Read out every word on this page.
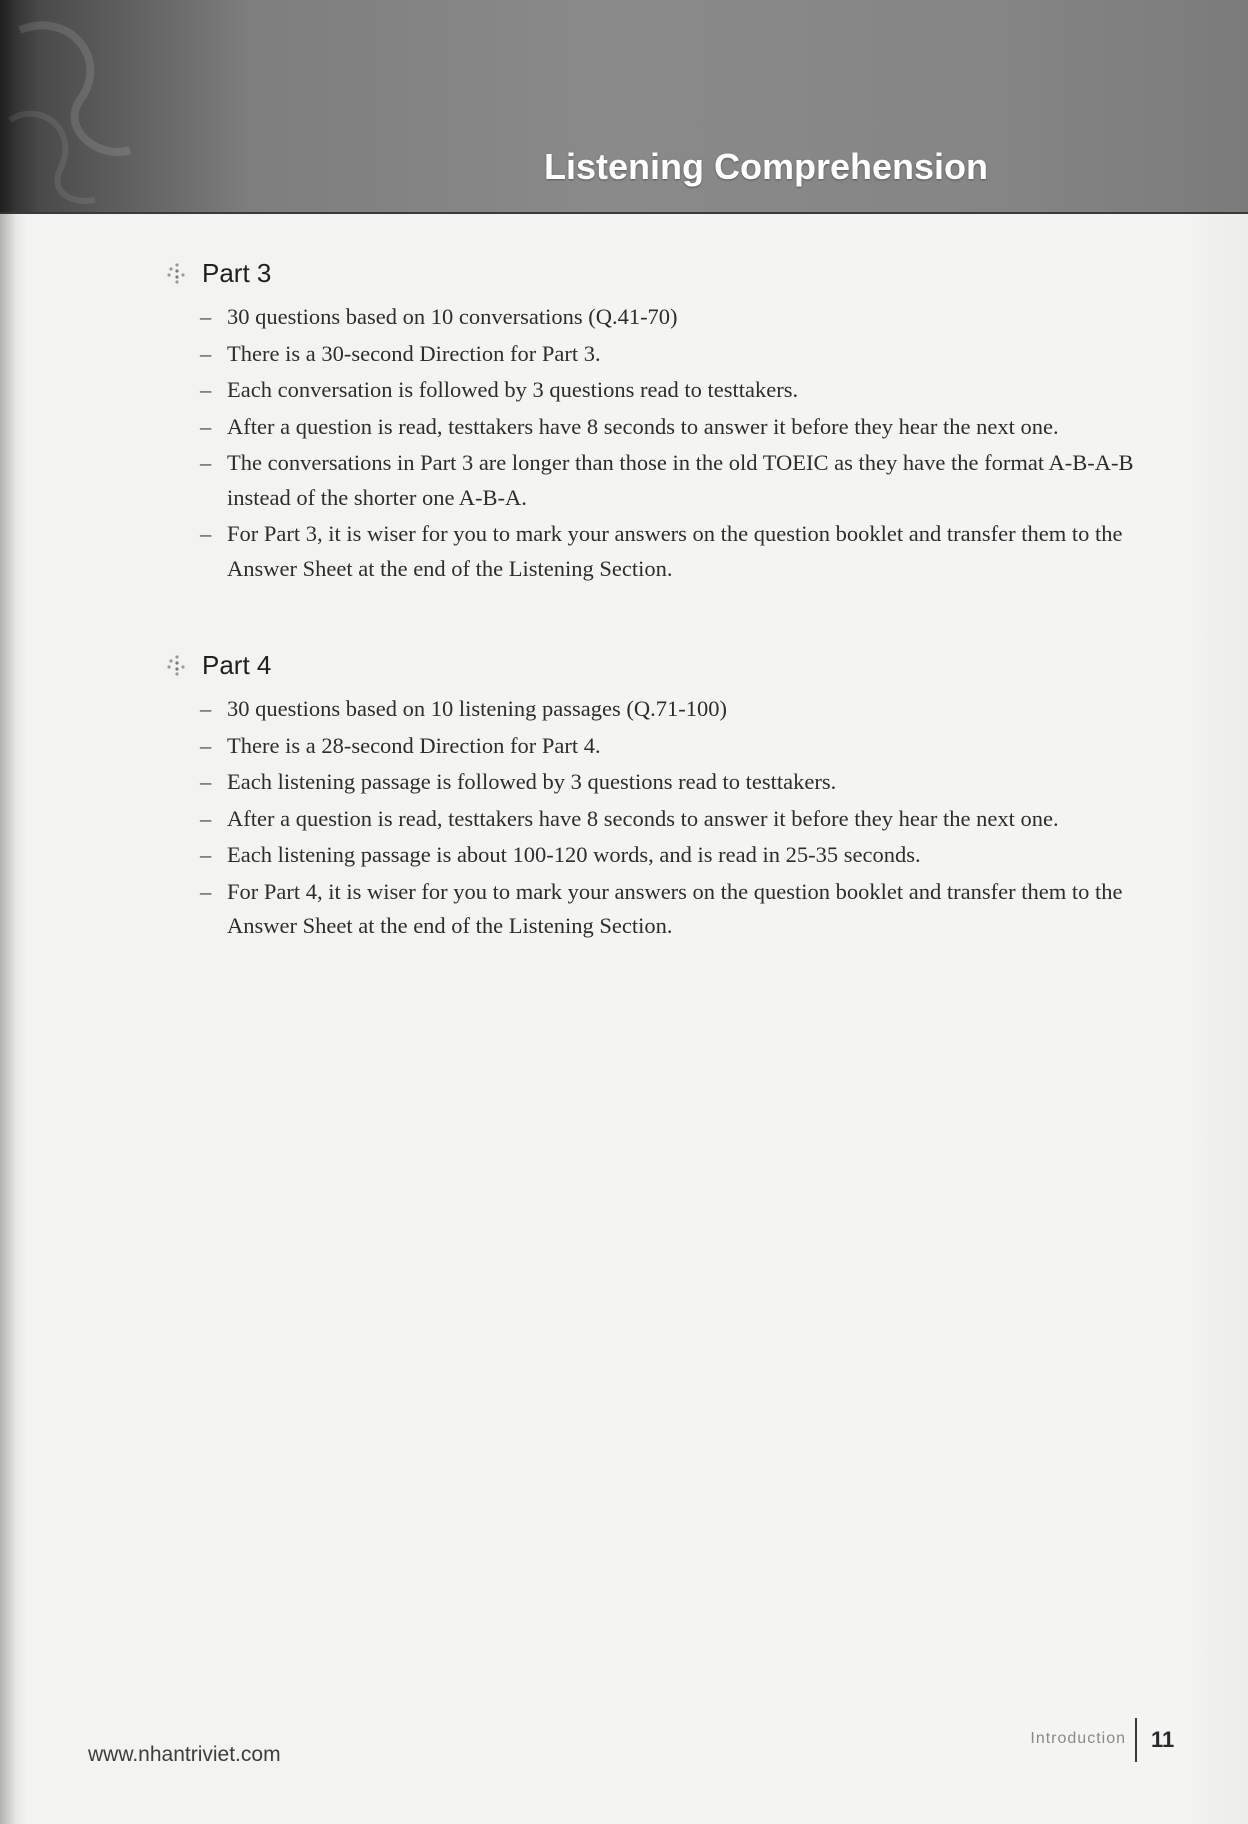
Listening Comprehension
Part 3
– 30 questions based on 10 conversations (Q.41-70)
– There is a 30-second Direction for Part 3.
– Each conversation is followed by 3 questions read to testtakers.
– After a question is read, testtakers have 8 seconds to answer it before they hear the next one.
– The conversations in Part 3 are longer than those in the old TOEIC as they have the format A-B-A-B instead of the shorter one A-B-A.
– For Part 3, it is wiser for you to mark your answers on the question booklet and transfer them to the Answer Sheet at the end of the Listening Section.
Part 4
– 30 questions based on 10 listening passages (Q.71-100)
– There is a 28-second Direction for Part 4.
– Each listening passage is followed by 3 questions read to testtakers.
– After a question is read, testtakers have 8 seconds to answer it before they hear the next one.
– Each listening passage is about 100-120 words, and is read in 25-35 seconds.
– For Part 4, it is wiser for you to mark your answers on the question booklet and transfer them to the Answer Sheet at the end of the Listening Section.
www.nhantriviet.com
Introduction 11
